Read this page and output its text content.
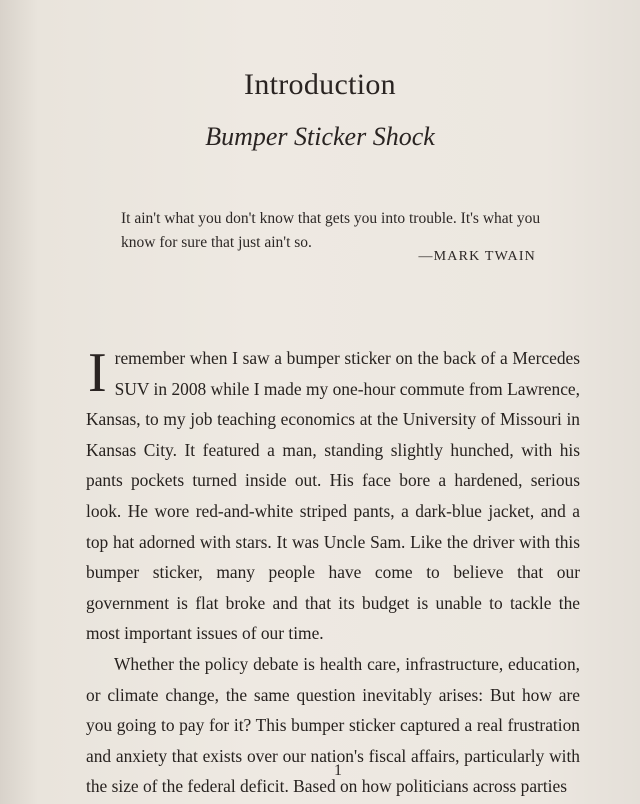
Introduction
Bumper Sticker Shock
It ain't what you don't know that gets you into trouble. It's what you know for sure that just ain't so.
—MARK TWAIN

Iremember when I saw a bumper sticker on the back of a Mercedes SUV in 2008 while I made my one-hour commute from Lawrence, Kansas, to my job teaching economics at the University of Missouri in Kansas City. It featured a man, standing slightly hunched, with his pants pockets turned inside out. His face bore a hardened, serious look. He wore red-and-white striped pants, a dark-blue jacket, and a top hat adorned with stars. It was Uncle Sam. Like the driver with this bumper sticker, many people have come to believe that our government is flat broke and that its budget is unable to tackle the most important issues of our time.

Whether the policy debate is health care, infrastructure, education, or climate change, the same question inevitably arises: But how are you going to pay for it? This bumper sticker captured a real frustration and anxiety that exists over our nation's fiscal affairs, particularly with the size of the federal deficit. Based on how politicians across parties

1
